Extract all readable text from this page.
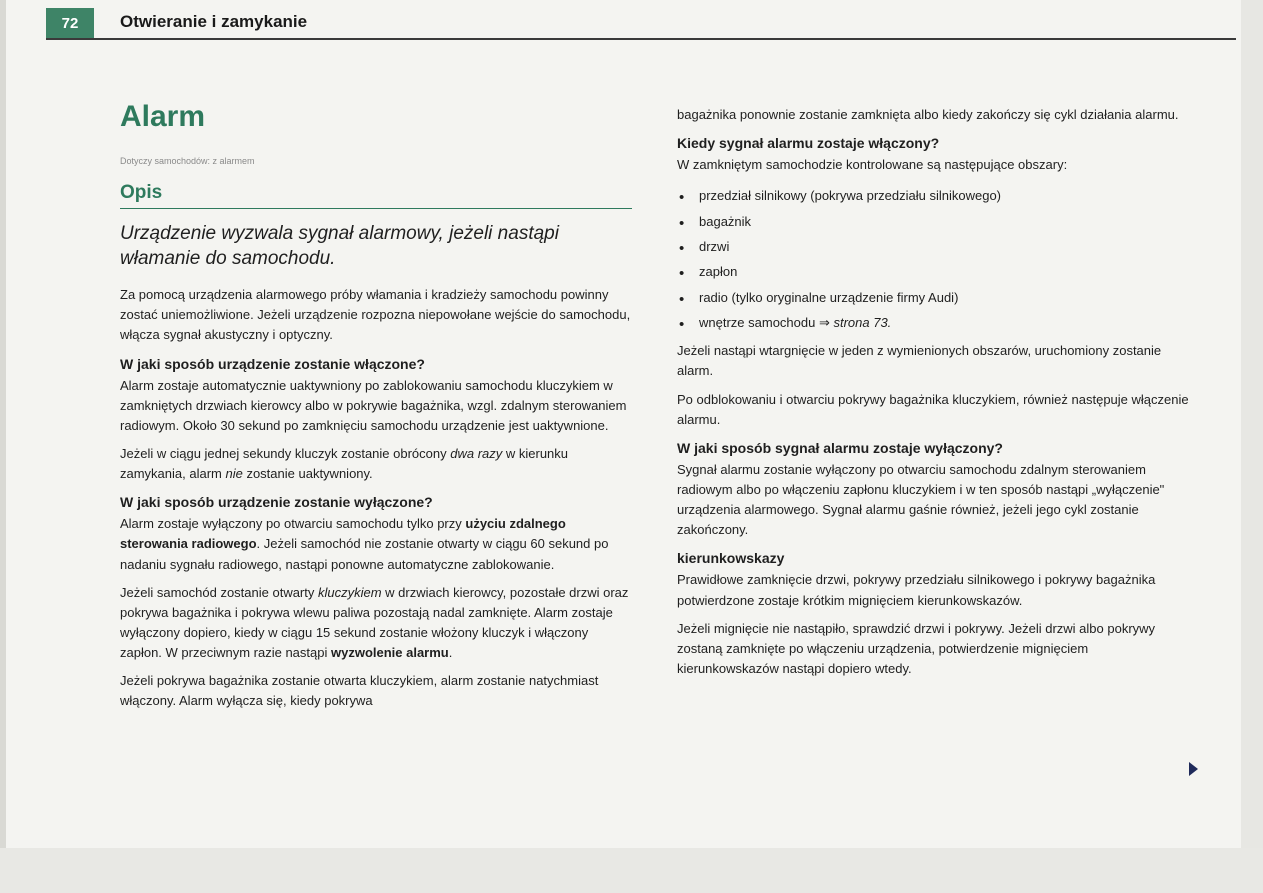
72	Otwieranie i zamykanie
Alarm
Dotyczy samochodów: z alarmem
Opis
Urządzenie wyzwala sygnał alarmowy, jeżeli nastąpi włamanie do samochodu.

Za pomocą urządzenia alarmowego próby włamania i kradzieży samochodu powinny zostać uniemożliwione. Jeżeli urządzenie rozpozna niepowołane wejście do samochodu, włącza sygnał akustyczny i optyczny.

W jaki sposób urządzenie zostanie włączone?

Alarm zostaje automatycznie uaktywniony po zablokowaniu samochodu kluczykiem w zamkniętych drzwiach kierowcy albo w pokrywie bagażnika, wzgl. zdalnym sterowaniem radiowym. Około 30 sekund po zamknięciu samochodu urządzenie jest uaktywnione.

Jeżeli w ciągu jednej sekundy kluczyk zostanie obrócony dwa razy w kierunku zamykania, alarm nie zostanie uaktywniony.

W jaki sposób urządzenie zostanie wyłączone?

Alarm zostaje wyłączony po otwarciu samochodu tylko przy użyciu zdalnego sterowania radiowego. Jeżeli samochód nie zostanie otwarty w ciągu 60 sekund po nadaniu sygnału radiowego, nastąpi ponowne automatyczne zablokowanie.

Jeżeli samochód zostanie otwarty kluczykiem w drzwiach kierowcy, pozostałe drzwi oraz pokrywa bagażnika i pokrywa wlewu paliwa pozostają nadal zamknięte. Alarm zostaje wyłączony dopiero, kiedy w ciągu 15 sekund zostanie włożony kluczyk i włączony zapłon. W przeciwnym razie nastąpi wyzwolenie alarmu.

Jeżeli pokrywa bagażnika zostanie otwarta kluczykiem, alarm zostanie natychmiast włączony. Alarm wyłącza się, kiedy pokrywa

bagażnika ponownie zostanie zamknięta albo kiedy zakończy się cykl działania alarmu.

Kiedy sygnał alarmu zostaje włączony?

W zamkniętym samochodzie kontrolowane są następujące obszary:

• przedział silnikowy (pokrywa przedziału silnikowego)
• bagażnik
• drzwi
• zapłon
• radio (tylko oryginalne urządzenie firmy Audi)
• wnętrze samochodu ⇒ strona 73.

Jeżeli nastąpi wtargnięcie w jeden z wymienionych obszarów, uruchomiony zostanie alarm.

Po odblokowaniu i otwarciu pokrywy bagażnika kluczykiem, również następuje włączenie alarmu.

W jaki sposób sygnał alarmu zostaje wyłączony?

Sygnał alarmu zostanie wyłączony po otwarciu samochodu zdalnym sterowaniem radiowym albo po włączeniu zapłonu kluczykiem i w ten sposób nastąpi „wyłączenie" urządzenia alarmowego. Sygnał alarmu gaśnie również, jeżeli jego cykl zostanie zakończony.

kierunkowskazy

Prawidłowe zamknięcie drzwi, pokrywy przedziału silnikowego i pokrywy bagażnika potwierdzone zostaje krótkim mignięciem kierunkowskazów.

Jeżeli mignięcie nie nastąpiło, sprawdzić drzwi i pokrywy. Jeżeli drzwi albo pokrywy zostaną zamknięte po włączeniu urządzenia, potwierdzenie mignięciem kierunkowskazów nastąpi dopiero wtedy.
